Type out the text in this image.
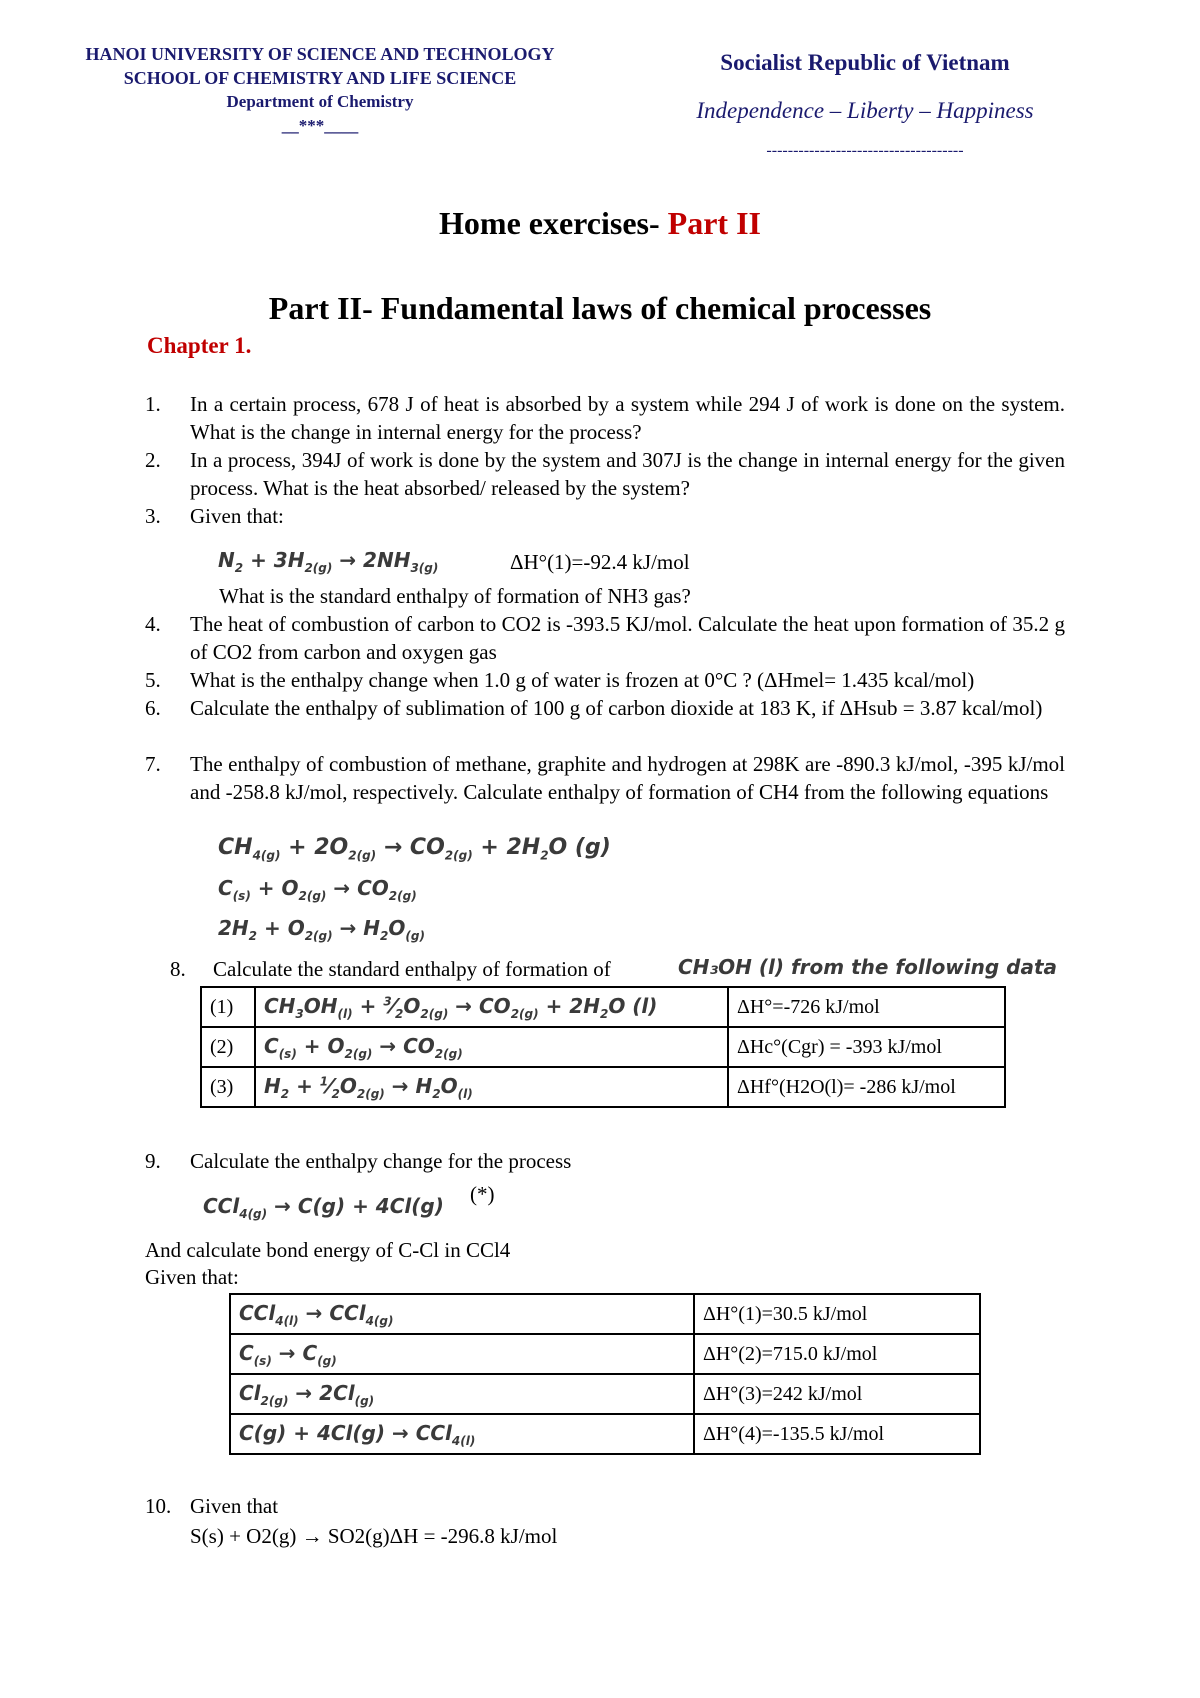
HANOI UNIVERSITY OF SCIENCE AND TECHNOLOGY
SCHOOL OF CHEMISTRY AND LIFE SCIENCE
Department of Chemistry
__***____
Socialist Republic of Vietnam
Independence – Liberty – Happiness
-------------------------------------
Home exercises- Part II
Part II- Fundamental laws of chemical processes
Chapter 1.
1. In a certain process, 678 J of heat is absorbed by a system while 294 J of work is done on the system. What is the change in internal energy for the process?
2. In a process, 394J of work is done by the system and 307J is the change in internal energy for the given process. What is the heat absorbed/ released by the system?
3. Given that:
$N_2 + 3H_{2(g)} \to 2NH_{3(g)}$	ΔH°(1)=-92.4 kJ/mol
What is the standard enthalpy of formation of NH3 gas?
4. The heat of combustion of carbon to CO2 is -393.5 KJ/mol. Calculate the heat upon formation of 35.2 g of CO2 from carbon and oxygen gas
5. What is the enthalpy change when 1.0 g of water is frozen at 0°C ? (ΔHmel= 1.435 kcal/mol)
6. Calculate the enthalpy of sublimation of 100 g of carbon dioxide at 183 K, if ΔHsub = 3.87 kcal/mol)
7. The enthalpy of combustion of methane, graphite and hydrogen at 298K are -890.3 kJ/mol, -395 kJ/mol and -258.8 kJ/mol, respectively. Calculate enthalpy of formation of CH4 from the following equations
$CH_{4(g)} + 2O_{2(g)} \to CO_{2(g)} + 2H_2O$ (g)
$C_{(s)} + O_{2(g)} \to CO_{2(g)}$
$2H_2 + O_{2(g)} \to H_2O_{(g)}$
8. Calculate the standard enthalpy of formation of	CH₃OH (l) from the following data
(1)	$CH_3OH_{(l)}$ + $^3⁄_2O_{2(g)} \to CO_{2(g)} + 2H_2O$ (l)	ΔH°=-726 kJ/mol
(2)	$C_{(s)} + O_{2(g)} \to CO_{2(g)}$	ΔHc°(Cgr) = -393 kJ/mol
(3)	$H_2$ + $^1⁄_2O_{2(g)} \to H_2O_{(l)}$	ΔHf°(H2O(l)= -286 kJ/mol
9. Calculate the enthalpy change for the process
CCl$_{4(g)}$ → C(g) + 4Cl(g) (*)
And calculate bond energy of C-Cl in CCl4
Given that:
CCl$_{4(l)}$ → CCl$_{4(g)}$	ΔH°(1)=30.5 kJ/mol
$C_{(s)} \to C_{(g)}$	ΔH°(2)=715.0 kJ/mol
$Cl_{2(g)} \to 2Cl_{(g)}$	ΔH°(3)=242 kJ/mol
C(g) + 4Cl(g) → CCl$_{4(l)}$	ΔH°(4)=-135.5 kJ/mol
10. Given that
S(s) + O2(g) → SO2(g)ΔH = -296.8 kJ/mol
